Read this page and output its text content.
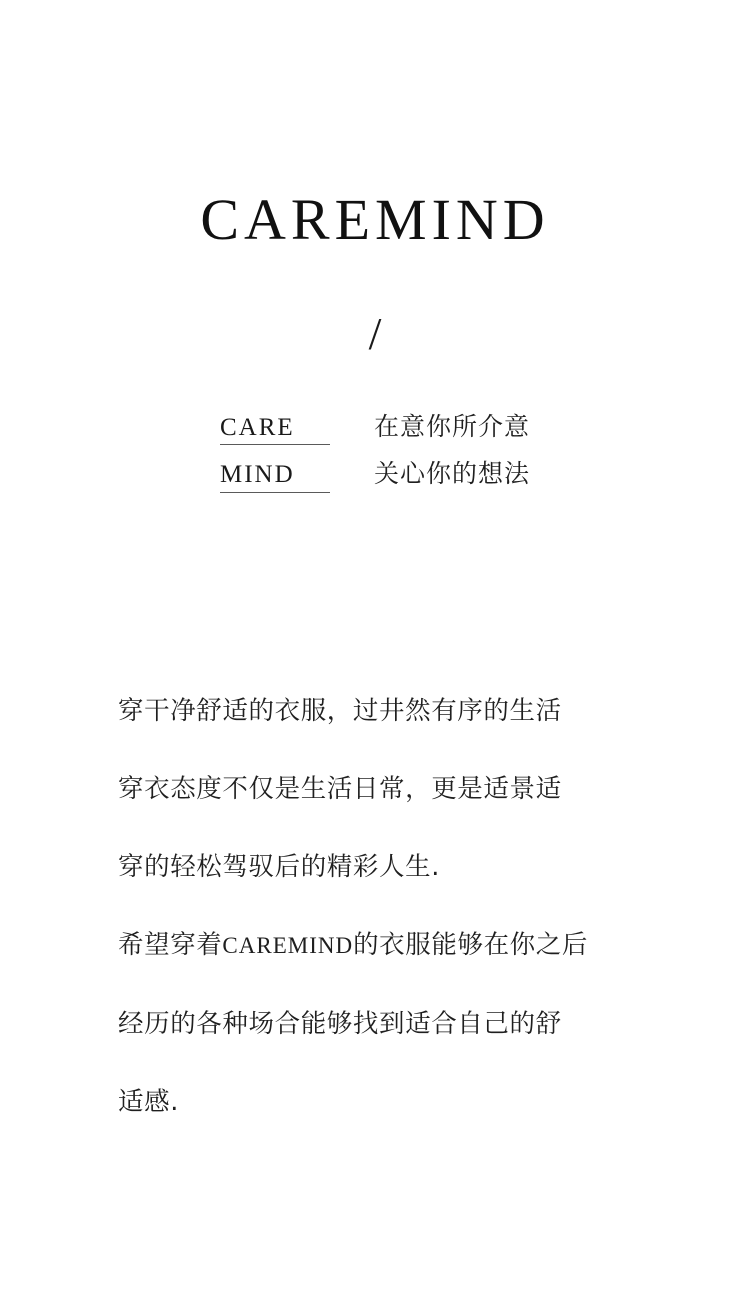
CAREMIND
/
CARE	在意你所介意
MIND	关心你的想法
穿干净舒适的衣服，过井然有序的生活
穿衣态度不仅是生活日常，更是适景适
穿的轻松驾驭后的精彩人生.
希望穿着CAREMIND的衣服能够在你之后
经历的各种场合能够找到适合自己的舒
适感.
